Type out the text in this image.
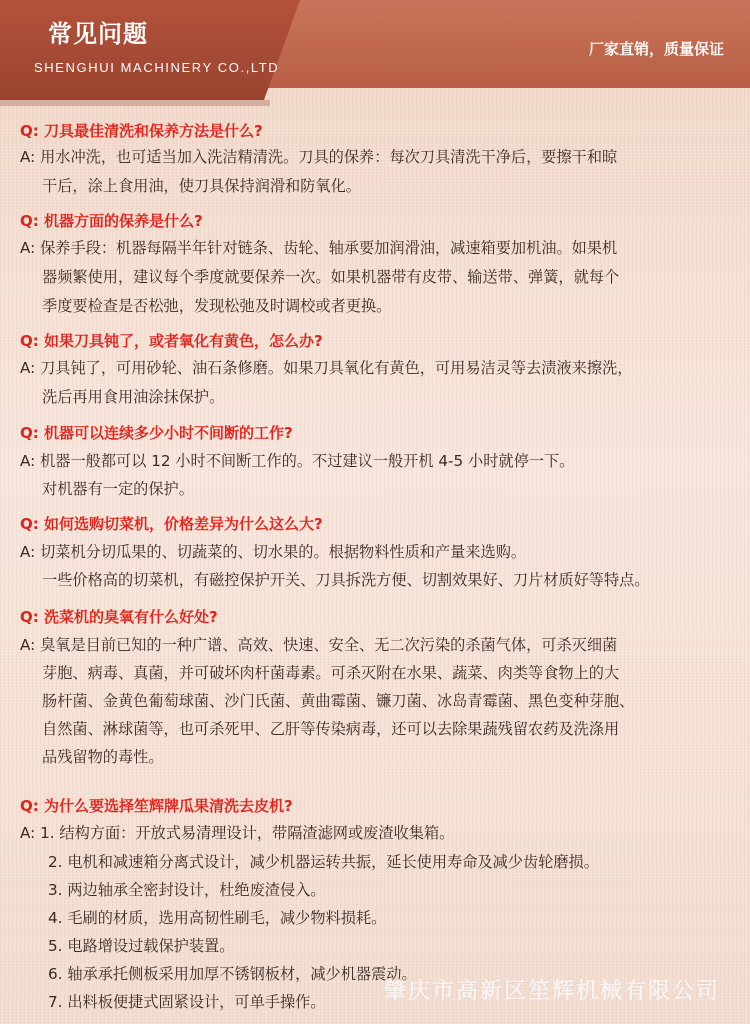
常见问题
SHENGHUI MACHINERY CO.,LTD
厂家直销，质量保证
Q: 刀具最佳清洗和保养方法是什么?
A: 用水冲洗，也可适当加入洗洁精清洗。刀具的保养：每次刀具清洗干净后，要擦干和晾
干后，涂上食用油，使刀具保持润滑和防氧化。
Q: 机器方面的保养是什么?
A: 保养手段：机器每隔半年针对链条、齿轮、轴承要加润滑油，减速箱要加机油。如果机
器频繁使用，建议每个季度就要保养一次。如果机器带有皮带、输送带、弹簧，就每个
季度要检查是否松弛，发现松弛及时调校或者更换。
Q: 如果刀具钝了，或者氧化有黄色，怎么办?
A: 刀具钝了，可用砂轮、油石条修磨。如果刀具氧化有黄色，可用易洁灵等去渍液来擦洗，
洗后再用食用油涂抹保护。
Q: 机器可以连续多少小时不间断的工作?
A: 机器一般都可以 12 小时不间断工作的。不过建议一般开机 4-5 小时就停一下。
对机器有一定的保护。
Q: 如何选购切菜机，价格差异为什么这么大?
A: 切菜机分切瓜果的、切蔬菜的、切水果的。根据物料性质和产量来选购。
一些价格高的切菜机，有磁控保护开关、刀具拆洗方便、切割效果好、刀片材质好等特点。
Q: 洗菜机的臭氧有什么好处?
A: 臭氧是目前已知的一种广谱、高效、快速、安全、无二次污染的杀菌气体，可杀灭细菌
芽胞、病毒、真菌，并可破坏肉杆菌毒素。可杀灭附在水果、蔬菜、肉类等食物上的大
肠杆菌、金黄色葡萄球菌、沙门氏菌、黄曲霉菌、镰刀菌、冰岛青霉菌、黑色变种芽胞、
自然菌、淋球菌等，也可杀死甲、乙肝等传染病毒，还可以去除果蔬残留农药及洗涤用
品残留物的毒性。
Q: 为什么要选择笙辉牌瓜果清洗去皮机?
A: 1. 结构方面：开放式易清理设计，带隔渣滤网或废渣收集箱。
2. 电机和减速箱分离式设计，减少机器运转共振，延长使用寿命及减少齿轮磨损。
3. 两边轴承全密封设计，杜绝废渣侵入。
4. 毛刷的材质，选用高韧性刷毛，减少物料损耗。
5. 电路增设过载保护装置。
6. 轴承承托侧板采用加厚不锈钢板材，减少机器震动。
7. 出料板便捷式固紧设计，可单手操作。	肇庆市高新区笙辉机械有限公司
